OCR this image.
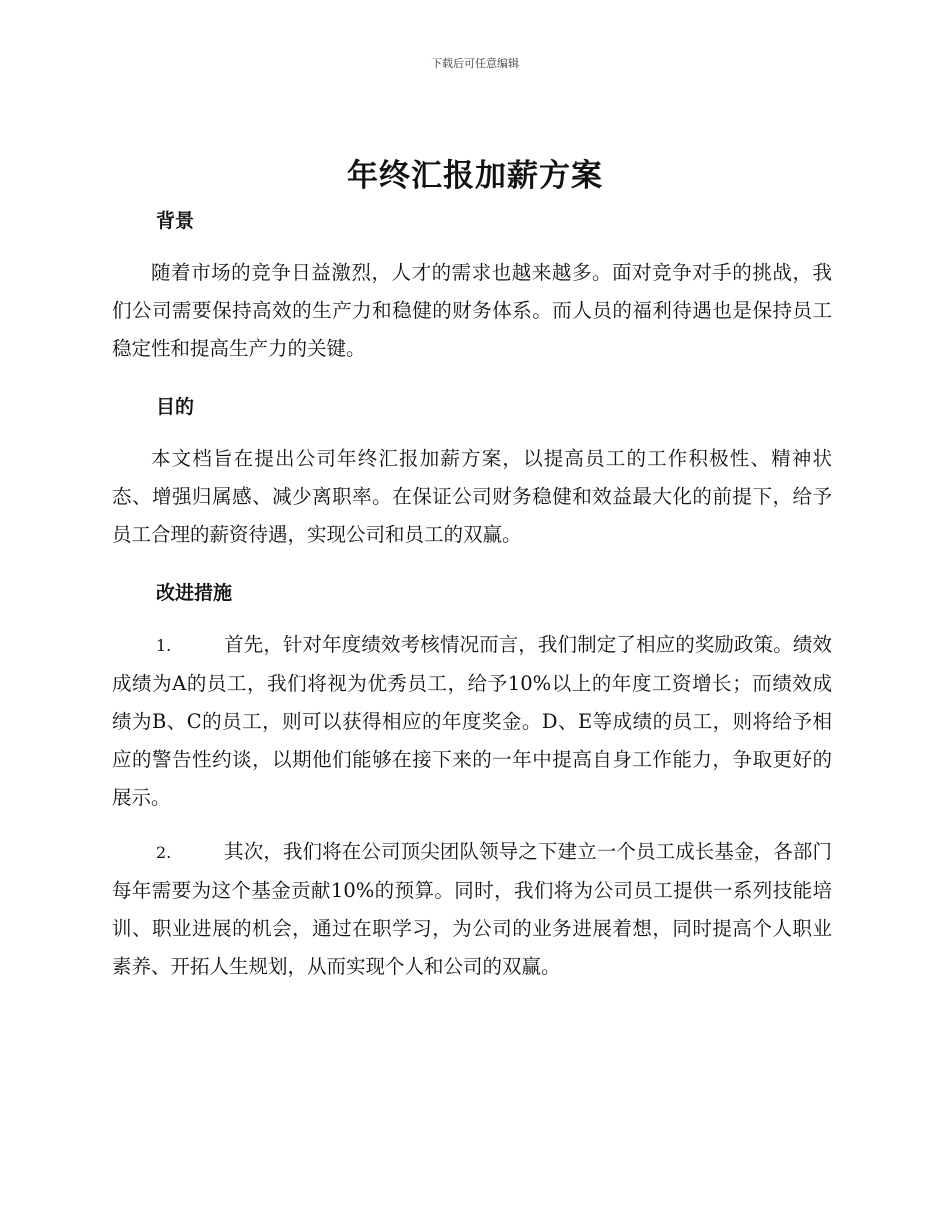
下载后可任意编辑
年终汇报加薪方案
背景

随着市场的竞争日益激烈，人才的需求也越来越多。面对竞争对手的挑战，我们公司需要保持高效的生产力和稳健的财务体系。而人员的福利待遇也是保持员工稳定性和提高生产力的关键。

目的

本文档旨在提出公司年终汇报加薪方案，以提高员工的工作积极性、精神状态、增强归属感、减少离职率。在保证公司财务稳健和效益最大化的前提下，给予员工合理的薪资待遇，实现公司和员工的双赢。

改进措施

1.	首先，针对年度绩效考核情况而言，我们制定了相应的奖励政策。绩效成绩为A的员工，我们将视为优秀员工，给予10%以上的年度工资增长；而绩效成绩为B、C的员工，则可以获得相应的年度奖金。D、E等成绩的员工，则将给予相应的警告性约谈，以期他们能够在接下来的一年中提高自身工作能力，争取更好的展示。

2.	其次，我们将在公司顶尖团队领导之下建立一个员工成长基金，各部门每年需要为这个基金贡献10%的预算。同时，我们将为公司员工提供一系列技能培训、职业进展的机会，通过在职学习，为公司的业务进展着想，同时提高个人职业素养、开拓人生规划，从而实现个人和公司的双赢。
